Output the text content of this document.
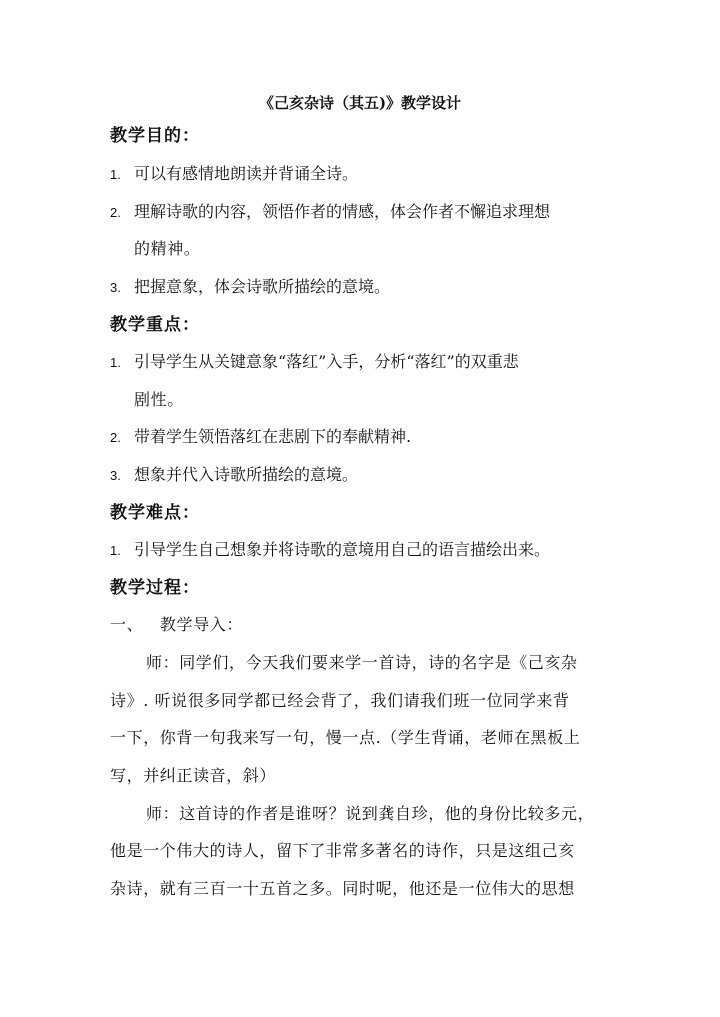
《己亥杂诗（其五)》教学设计
教学目的：
1. 可以有感情地朗读并背诵全诗。
2. 理解诗歌的内容，领悟作者的情感，体会作者不懈追求理想
的精神。
3. 把握意象，体会诗歌所描绘的意境。
教学重点：
1. 引导学生从关键意象“落红”入手，分析“落红”的双重悲
剧性。
2. 带着学生领悟落红在悲剧下的奉献精神.
3. 想象并代入诗歌所描绘的意境。
教学难点：
1. 引导学生自己想象并将诗歌的意境用自己的语言描绘出来。
教学过程：
一、 教学导入：
师：同学们，今天我们要来学一首诗，诗的名字是《己亥杂
诗》. 听说很多同学都已经会背了，我们请我们班一位同学来背
一下，你背一句我来写一句，慢一点.（学生背诵，老师在黑板上
写，并纠正读音，斜）
师：这首诗的作者是谁呀？说到龚自珍，他的身份比较多元，
他是一个伟大的诗人，留下了非常多著名的诗作，只是这组己亥
杂诗，就有三百一十五首之多。同时呢，他还是一位伟大的思想
